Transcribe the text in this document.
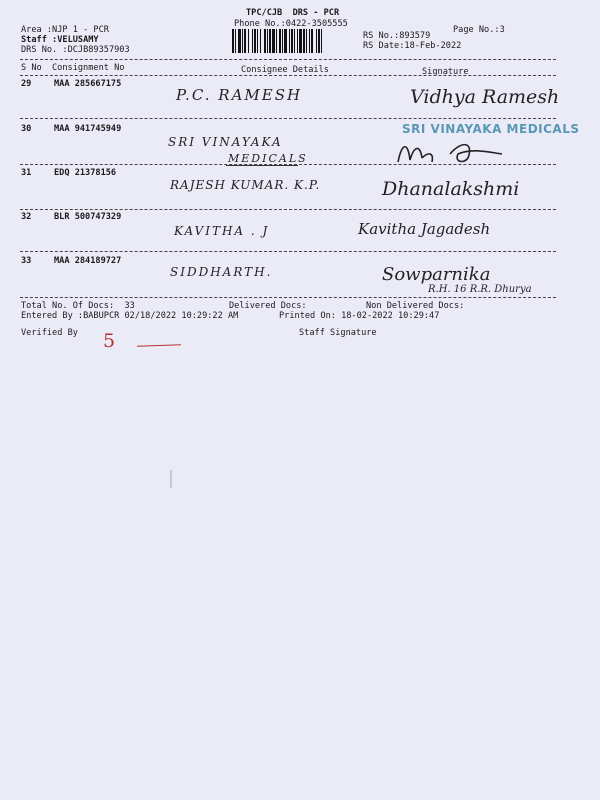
TPC/CJB  DRS - PCR
Phone No.:0422-3505555
Area :NJP 1 - PCR
Staff :VELUSAMY
DRS No. :DCJB89357903
RS No.:893579
RS Date:18-Feb-2022
Page No.:3
S No Consignment No	Consignee Details	Signature
29	MAA 285667175
P.C. RAMESH	Vidhya Ramesh
30	MAA 941745949
SRI VINAYAKA
MEDICALS
SRI VINAYAKA MEDICALS
31	EDQ 21378156
RAJESH KUMAR. K.P.	Dhanalakshmi
32	BLR 500747329
KAVITHA . J	Kavitha Jagadesh
33	MAA 284189727
SIDDHARTH.	Sowparnika
R.H. 16 R.R. Dhurya
Total No. Of Docs:  33	Delivered Docs:	Non Delivered Docs:
Entered By :BABUPCR 02/18/2022 10:29:22 AM	Printed On: 18-02-2022 10:29:47
Verified By	Staff Signature
5
